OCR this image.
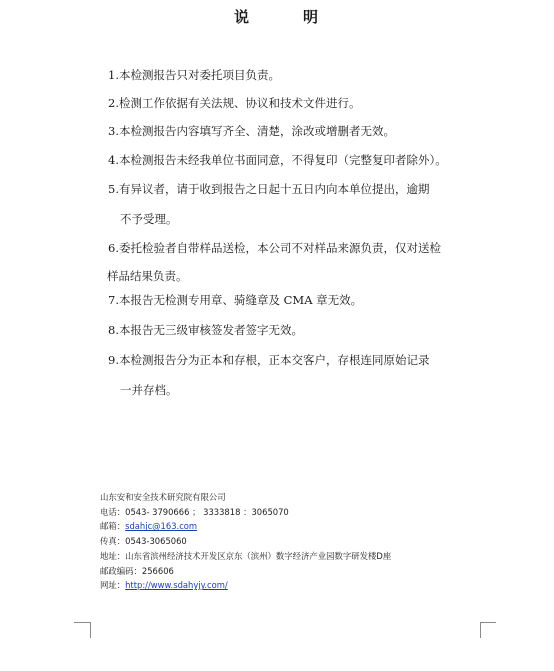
说	明
1.本检测报告只对委托项目负责。
2.检测工作依据有关法规、协议和技术文件进行。
3.本检测报告内容填写齐全、清楚，涂改或增删者无效。
4.本检测报告未经我单位书面同意，不得复印（完整复印者除外）。
5.有异议者，请于收到报告之日起十五日内向本单位提出，逾期
不予受理。
6.委托检验者自带样品送检，本公司不对样品来源负责，仅对送检
样品结果负责。
7.本报告无检测专用章、骑缝章及 CMA 章无效。
8.本报告无三级审核签发者签字无效。
9.本检测报告分为正本和存根，正本交客户，存根连同原始记录
一并存档。
山东安和安全技术研究院有限公司
电话：0543- 3790666 ； 3333818 ：3065070
邮箱：sdahjc@163.com
传真：0543-3065060
地址：山东省滨州经济技术开发区京东（滨州）数字经济产业园数字研发楼D座
邮政编码：256606
网址：http://www.sdahyjy.com/
